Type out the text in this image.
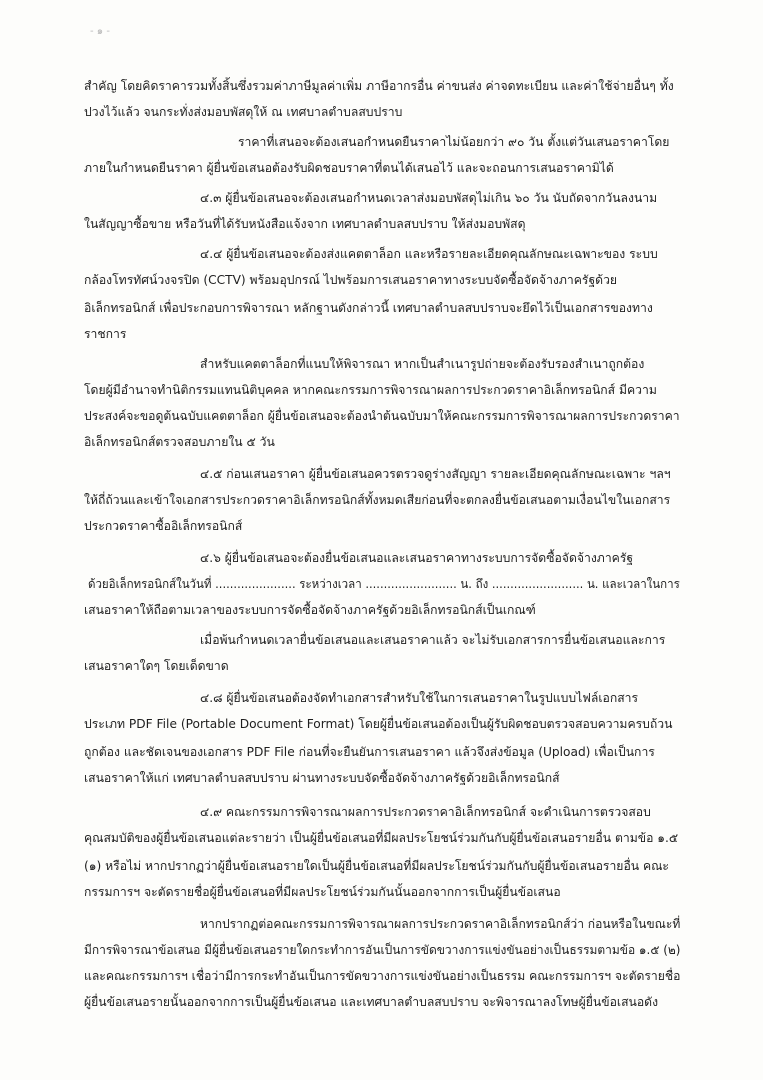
- ๑ -
สำคัญ โดยคิดราคารวมทั้งสิ้นซึ่งรวมค่าภาษีมูลค่าเพิ่ม ภาษีอากรอื่น ค่าขนส่ง ค่าจดทะเบียน และค่าใช้จ่ายอื่นๆ ทั้ง
ปวงไว้แล้ว จนกระทั่งส่งมอบพัสดุให้ ณ เทศบาลตำบลสบปราบ
ราคาที่เสนอจะต้องเสนอกำหนดยืนราคาไม่น้อยกว่า ๙๐ วัน ตั้งแต่วันเสนอราคาโดย
ภายในกำหนดยืนราคา ผู้ยื่นข้อเสนอต้องรับผิดชอบราคาที่ตนได้เสนอไว้ และจะถอนการเสนอราคามิได้
๔.๓ ผู้ยื่นข้อเสนอจะต้องเสนอกำหนดเวลาส่งมอบพัสดุไม่เกิน ๖๐ วัน นับถัดจากวันลงนาม
ในสัญญาซื้อขาย หรือวันที่ได้รับหนังสือแจ้งจาก เทศบาลตำบลสบปราบ ให้ส่งมอบพัสดุ
๔.๔ ผู้ยื่นข้อเสนอจะต้องส่งแคตตาล็อก และหรือรายละเอียดคุณลักษณะเฉพาะของ ระบบ
กล้องโทรทัศน์วงจรปิด (CCTV) พร้อมอุปกรณ์ ไปพร้อมการเสนอราคาทางระบบจัดซื้อจัดจ้างภาครัฐด้วย
อิเล็กทรอนิกส์ เพื่อประกอบการพิจารณา หลักฐานดังกล่าวนี้ เทศบาลตำบลสบปราบจะยึดไว้เป็นเอกสารของทาง
ราชการ
สำหรับแคตตาล็อกที่แนบให้พิจารณา หากเป็นสำเนารูปถ่ายจะต้องรับรองสำเนาถูกต้อง
โดยผู้มีอำนาจทำนิติกรรมแทนนิติบุคคล หากคณะกรรมการพิจารณาผลการประกวดราคาอิเล็กทรอนิกส์ มีความ
ประสงค์จะขอดูต้นฉบับแคตตาล็อก ผู้ยื่นข้อเสนอจะต้องนำต้นฉบับมาให้คณะกรรมการพิจารณาผลการประกวดราคา
อิเล็กทรอนิกส์ตรวจสอบภายใน ๕ วัน
๔.๕ ก่อนเสนอราคา ผู้ยื่นข้อเสนอควรตรวจดูร่างสัญญา รายละเอียดคุณลักษณะเฉพาะ ฯลฯ
ให้ถี่ถ้วนและเข้าใจเอกสารประกวดราคาอิเล็กทรอนิกส์ทั้งหมดเสียก่อนที่จะตกลงยื่นข้อเสนอตามเงื่อนไขในเอกสาร
ประกวดราคาซื้ออิเล็กทรอนิกส์
๔.๖ ผู้ยื่นข้อเสนอจะต้องยื่นข้อเสนอและเสนอราคาทางระบบการจัดซื้อจัดจ้างภาครัฐ
ด้วยอิเล็กทรอนิกส์ในวันที่ ...................... ระหว่างเวลา ......................... น. ถึง ......................... น. และเวลาในการ
เสนอราคาให้ถือตามเวลาของระบบการจัดซื้อจัดจ้างภาครัฐด้วยอิเล็กทรอนิกส์เป็นเกณฑ์
เมื่อพ้นกำหนดเวลายื่นข้อเสนอและเสนอราคาแล้ว จะไม่รับเอกสารการยื่นข้อเสนอและการ
เสนอราคาใดๆ โดยเด็ดขาด
๔.๘ ผู้ยื่นข้อเสนอต้องจัดทำเอกสารสำหรับใช้ในการเสนอราคาในรูปแบบไฟล์เอกสาร
ประเภท PDF File (Portable Document Format) โดยผู้ยื่นข้อเสนอต้องเป็นผู้รับผิดชอบตรวจสอบความครบถ้วน
ถูกต้อง และชัดเจนของเอกสาร PDF File ก่อนที่จะยืนยันการเสนอราคา แล้วจึงส่งข้อมูล (Upload) เพื่อเป็นการ
เสนอราคาให้แก่ เทศบาลตำบลสบปราบ ผ่านทางระบบจัดซื้อจัดจ้างภาครัฐด้วยอิเล็กทรอนิกส์
๔.๙ คณะกรรมการพิจารณาผลการประกวดราคาอิเล็กทรอนิกส์ จะดำเนินการตรวจสอบ
คุณสมบัติของผู้ยื่นข้อเสนอแต่ละรายว่า เป็นผู้ยื่นข้อเสนอที่มีผลประโยชน์ร่วมกันกับผู้ยื่นข้อเสนอรายอื่น ตามข้อ ๑.๕
(๑) หรือไม่ หากปรากฏว่าผู้ยื่นข้อเสนอรายใดเป็นผู้ยื่นข้อเสนอที่มีผลประโยชน์ร่วมกันกับผู้ยื่นข้อเสนอรายอื่น คณะ
กรรมการฯ จะตัดรายชื่อผู้ยื่นข้อเสนอที่มีผลประโยชน์ร่วมกันนั้นออกจากการเป็นผู้ยื่นข้อเสนอ
หากปรากฏต่อคณะกรรมการพิจารณาผลการประกวดราคาอิเล็กทรอนิกส์ว่า ก่อนหรือในขณะที่
มีการพิจารณาข้อเสนอ มีผู้ยื่นข้อเสนอรายใดกระทำการอันเป็นการขัดขวางการแข่งขันอย่างเป็นธรรมตามข้อ ๑.๕ (๒)
และคณะกรรมการฯ เชื่อว่ามีการกระทำอันเป็นการขัดขวางการแข่งขันอย่างเป็นธรรม คณะกรรมการฯ จะตัดรายชื่อ
ผู้ยื่นข้อเสนอรายนั้นออกจากการเป็นผู้ยื่นข้อเสนอ และเทศบาลตำบลสบปราบ จะพิจารณาลงโทษผู้ยื่นข้อเสนอดัง
